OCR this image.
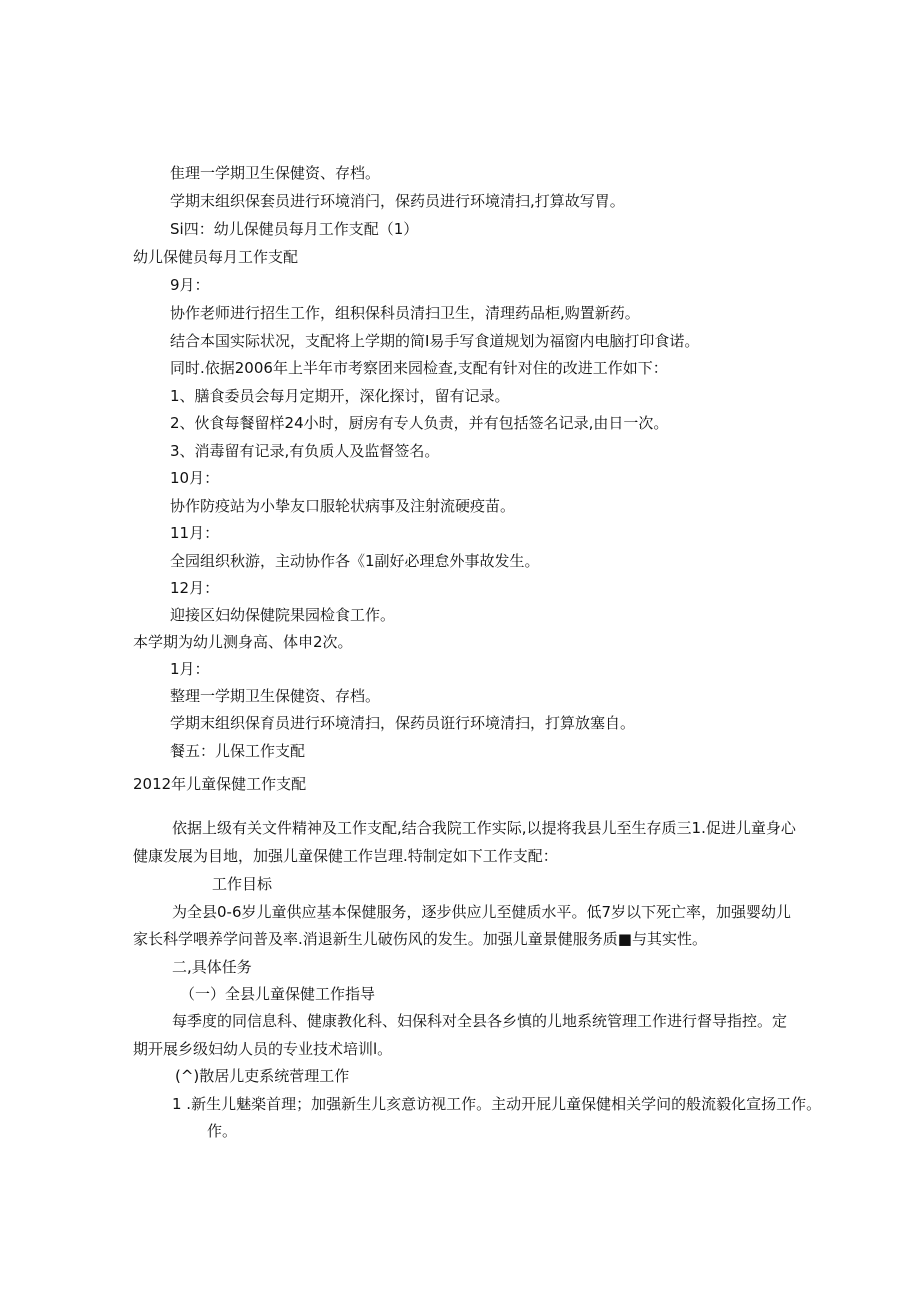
隹理一学期卫生保健资、存档。
学期末组织保套员进行环境消闩，保药员进行环境清扫,打算故写胃。
Si四：幼儿保健员每月工作支配（1）
幼儿保健员每月工作支配
9月：
协作老师进行招生工作，组积保科员清扫卫生，清理药品柜,购置新药。
结合本国实际状况，支配将上学期的简I易手写食道规划为福窗内电脑打印食诺。
同时.依据2006年上半年市考察团来园检查,支配有针对住的改进工作如下：
1、膳食委员会每月定期开，深化探讨，留有记录。
2、伙食每餐留样24小时，厨房有专人负责，并有包括签名记录,由日一次。
3、消毒留有记录,有负质人及监督签名。
10月：
协作防疫站为小挚友口服轮状病事及注射流硬疫苗。
11月：
全园组织秋游，主动协作各《1副好必理怠外事故发生。
12月：
迎接区妇幼保健院果园检食工作。
本学期为幼儿测身高、体申2次。
1月：
整理一学期卫生保健资、存档。
学期末组织保育员进行环境清扫，保药员诳行环境清扫，打算放塞自。
餐五：儿保工作支配
2012年儿童保健工作支配
依据上级有关文件精神及工作支配,结合我院工作实际,以提将我县儿至生存质三1.促进儿童身心
健康发展为目地，加强儿童保健工作岂理.特制定如下工作支配：
工作目标
为全县0-6岁儿童供应基本保健服务，逐步供应儿至健质水平。低7岁以下死亡率，加强婴幼儿
家长科学喂养学问普及率.消退新生儿破伤风的发生。加强儿童景健服务质■与其实性。
二,具体任务
（一）全县儿童保健工作指导
每季度的同信息科、健康教化科、妇保科对全县各乡慎的儿地系统管理工作进行督导指控。定
期开展乡级妇幼人员的专业技术培训l。
(^)散居儿吏系统菅理工作
1 .新生儿魅楽首理；加强新生儿亥意访视工作。主动开屁儿童保健相关学问的般流毅化宣扬工作。
作。
